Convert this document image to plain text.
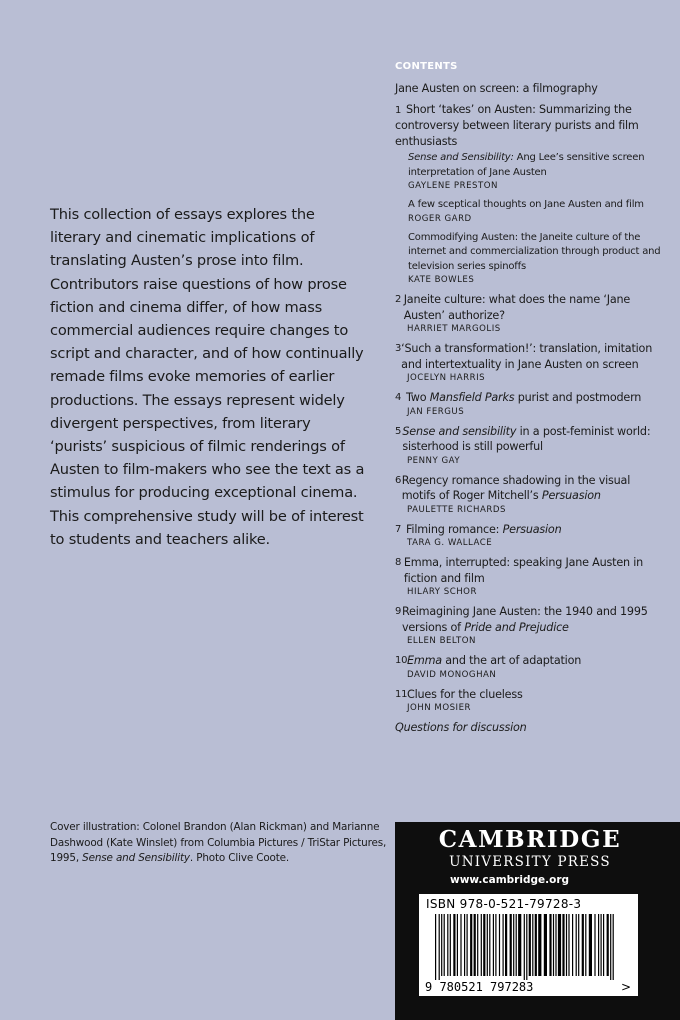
This collection of essays explores the literary and cinematic implications of translating Austen’s prose into film. Contributors raise questions of how prose fiction and cinema differ, of how mass commercial audiences require changes to script and character, and of how continually remade films evoke memories of earlier productions. The essays represent widely divergent perspectives, from literary ‘purists’ suspicious of filmic renderings of Austen to film-makers who see the text as a stimulus for producing exceptional cinema. This comprehensive study will be of interest to students and teachers alike.
CONTENTS
Jane Austen on screen: a filmography
1 Short ‘takes’ on Austen: Summarizing the controversy between literary purists and film enthusiasts
Sense and Sensibility: Ang Lee’s sensitive screen interpretation of Jane Austen
GAYLENE PRESTON
A few sceptical thoughts on Jane Austen and film
ROGER GARD
Commodifying Austen: the Janeite culture of the internet and commercialization through product and television series spinoffs
KATE BOWLES
2 Janeite culture: what does the name ‘Jane Austen’ authorize?
HARRIET MARGOLIS
3 ‘Such a transformation!’: translation, imitation and intertextuality in Jane Austen on screen
JOCELYN HARRIS
4 Two Mansfield Parks purist and postmodern
JAN FERGUS
5 Sense and sensibility in a post-feminist world: sisterhood is still powerful
PENNY GAY
6 Regency romance shadowing in the visual motifs of Roger Mitchell’s Persuasion
PAULETTE RICHARDS
7 Filming romance: Persuasion
TARA G. WALLACE
8 Emma, interrupted: speaking Jane Austen in fiction and film
HILARY SCHOR
9 Reimagining Jane Austen: the 1940 and 1995 versions of Pride and Prejudice
ELLEN BELTON
10 Emma and the art of adaptation
DAVID MONOGHAN
11 Clues for the clueless
JOHN MOSIER
Questions for discussion
Cover illustration: Colonel Brandon (Alan Rickman) and Marianne Dashwood (Kate Winslet) from Columbia Pictures / TriStar Pictures, 1995, Sense and Sensibility. Photo Clive Coote.
CAMBRIDGE
UNIVERSITY PRESS
www.cambridge.org
9 780521 797283	>
ISBN 978-0-521-79728-3
